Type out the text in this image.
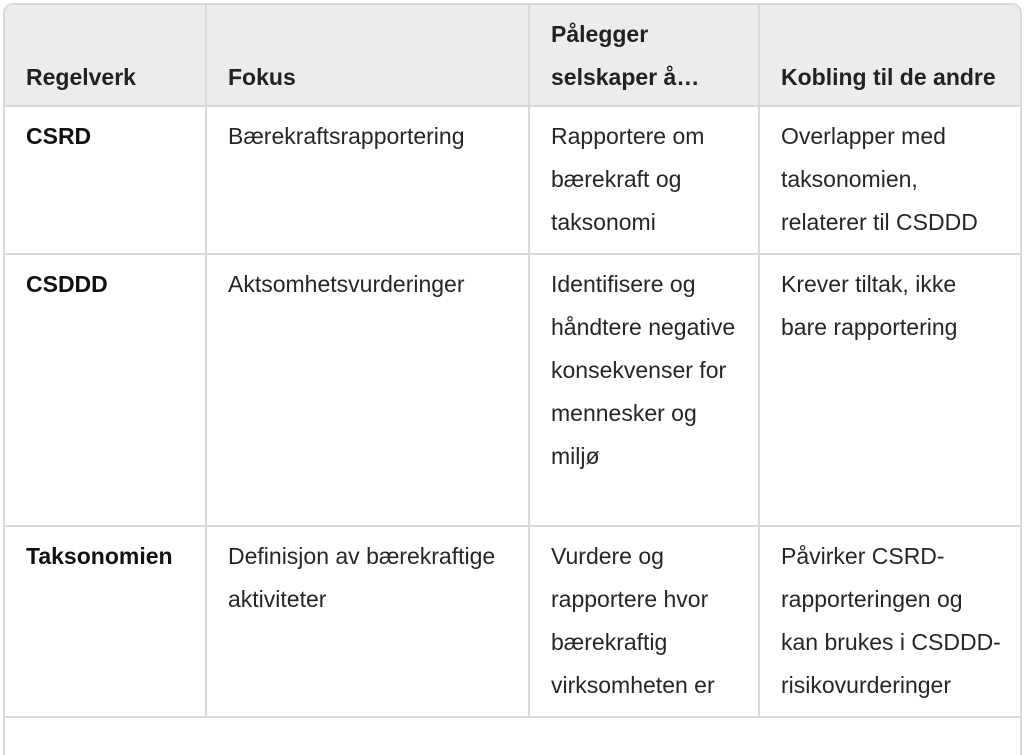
Regelverk	Fokus	Pålegger selskaper å…	Kobling til de andre
CSRD	Bærekraftsrapportering	Rapportere om bærekraft og taksonomi	Overlapper med taksonomien, relaterer til CSDDD
CSDDD	Aktsomhetsvurderinger	Identifisere og håndtere negative konsekvenser for mennesker og miljø	Krever tiltak, ikke bare rapportering
Taksonomien	Definisjon av bærekraftige aktiviteter	Vurdere og rapportere hvor bærekraftig virksomheten er	Påvirker CSRD-rapporteringen og kan brukes i CSDDD-risikovurderinger
